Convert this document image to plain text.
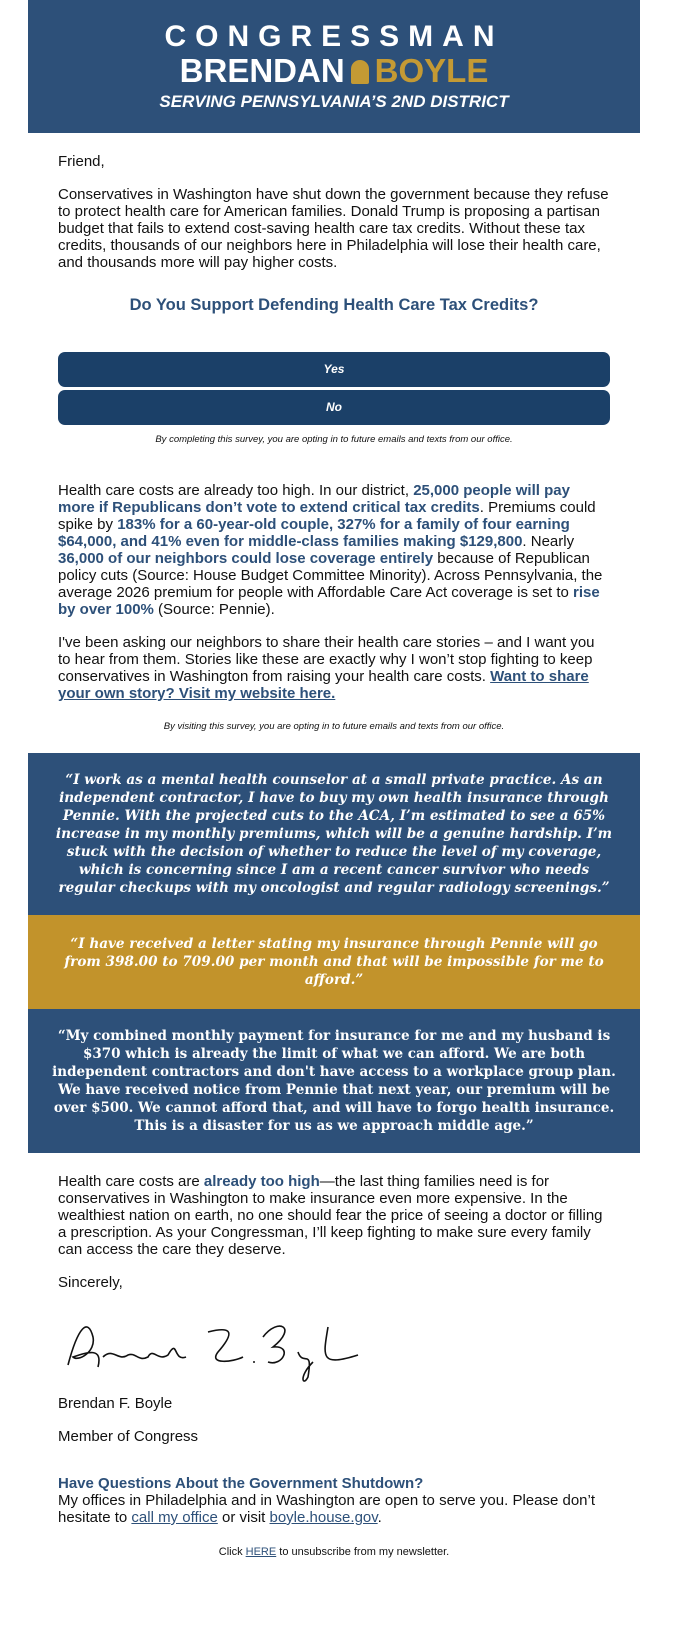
CONGRESSMAN
BRENDAN BOYLE
SERVING PENNSYLVANIA’S 2ND DISTRICT

Friend,

Conservatives in Washington have shut down the government because they refuse to protect health care for American families. Donald Trump is proposing a partisan budget that fails to extend cost-saving health care tax credits. Without these tax credits, thousands of our neighbors here in Philadelphia will lose their health care, and thousands more will pay higher costs.

Do You Support Defending Health Care Tax Credits?
Yes
No
By completing this survey, you are opting in to future emails and texts from our office.

Health care costs are already too high. In our district, 25,000 people will pay more if Republicans don’t vote to extend critical tax credits. Premiums could spike by 183% for a 60-year-old couple, 327% for a family of four earning $64,000, and 41% even for middle-class families making $129,800. Nearly 36,000 of our neighbors could lose coverage entirely because of Republican policy cuts (Source: House Budget Committee Minority). Across Pennsylvania, the average 2026 premium for people with Affordable Care Act coverage is set to rise by over 100% (Source: Pennie).

I've been asking our neighbors to share their health care stories – and I want you to hear from them. Stories like these are exactly why I won’t stop fighting to keep conservatives in Washington from raising your health care costs. Want to share your own story? Visit my website here.

By visiting this survey, you are opting in to future emails and texts from our office.
“I work as a mental health counselor at a small private practice. As an independent contractor, I have to buy my own health insurance through Pennie. With the projected cuts to the ACA, I’m estimated to see a 65% increase in my monthly premiums, which will be a genuine hardship. I’m stuck with the decision of whether to reduce the level of my coverage, which is concerning since I am a recent cancer survivor who needs regular checkups with my oncologist and regular radiology screenings.”
“I have received a letter stating my insurance through Pennie will go from 398.00 to 709.00 per month and that will be impossible for me to afford.”
“My combined monthly payment for insurance for me and my husband is $370 which is already the limit of what we can afford. We are both independent contractors and don't have access to a workplace group plan. We have received notice from Pennie that next year, our premium will be over $500. We cannot afford that, and will have to forgo health insurance. This is a disaster for us as we approach middle age.”

Health care costs are already too high—the last thing families need is for conservatives in Washington to make insurance even more expensive. In the wealthiest nation on earth, no one should fear the price of seeing a doctor or filling a prescription. As your Congressman, I’ll keep fighting to make sure every family can access the care they deserve.

Sincerely,

Brendan F. Boyle

Member of Congress

Have Questions About the Government Shutdown?
My offices in Philadelphia and in Washington are open to serve you. Please don’t hesitate to call my office or visit boyle.house.gov.
Click HERE to unsubscribe from my newsletter.
